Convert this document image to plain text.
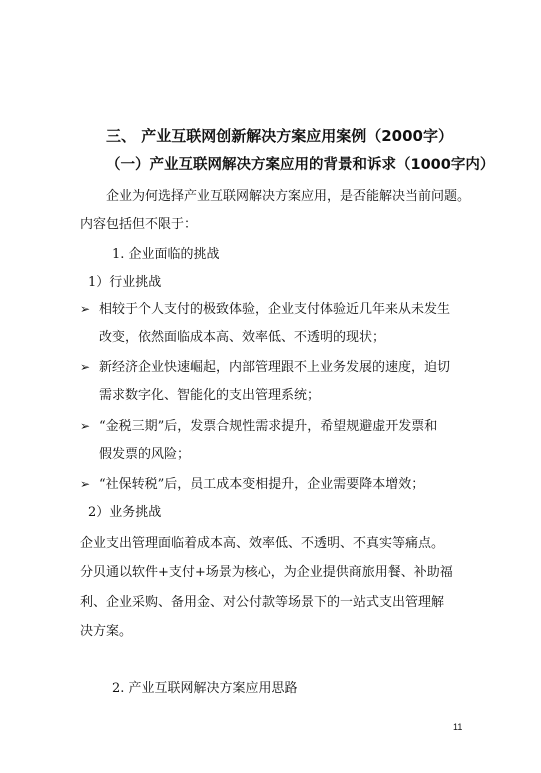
三、 产业互联网创新解决方案应用案例（2000字）
（一）产业互联网解决方案应用的背景和诉求（1000字内）
企业为何选择产业互联网解决方案应用，是否能解决当前问题。
内容包括但不限于：
1. 企业面临的挑战
1）行业挑战
➢ 相较于个人支付的极致体验，企业支付体验近几年来从未发生
改变，依然面临成本高、效率低、不透明的现状；
➢ 新经济企业快速崛起，内部管理跟不上业务发展的速度，迫切
需求数字化、智能化的支出管理系统；
➢ “金税三期”后，发票合规性需求提升，希望规避虚开发票和
假发票的风险；
➢ “社保转税”后，员工成本变相提升，企业需要降本增效；
2）业务挑战
企业支出管理面临着成本高、效率低、不透明、不真实等痛点。
分贝通以软件+支付+场景为核心，为企业提供商旅用餐、补助福
利、企业采购、备用金、对公付款等场景下的一站式支出管理解
决方案。
2. 产业互联网解决方案应用思路
11
